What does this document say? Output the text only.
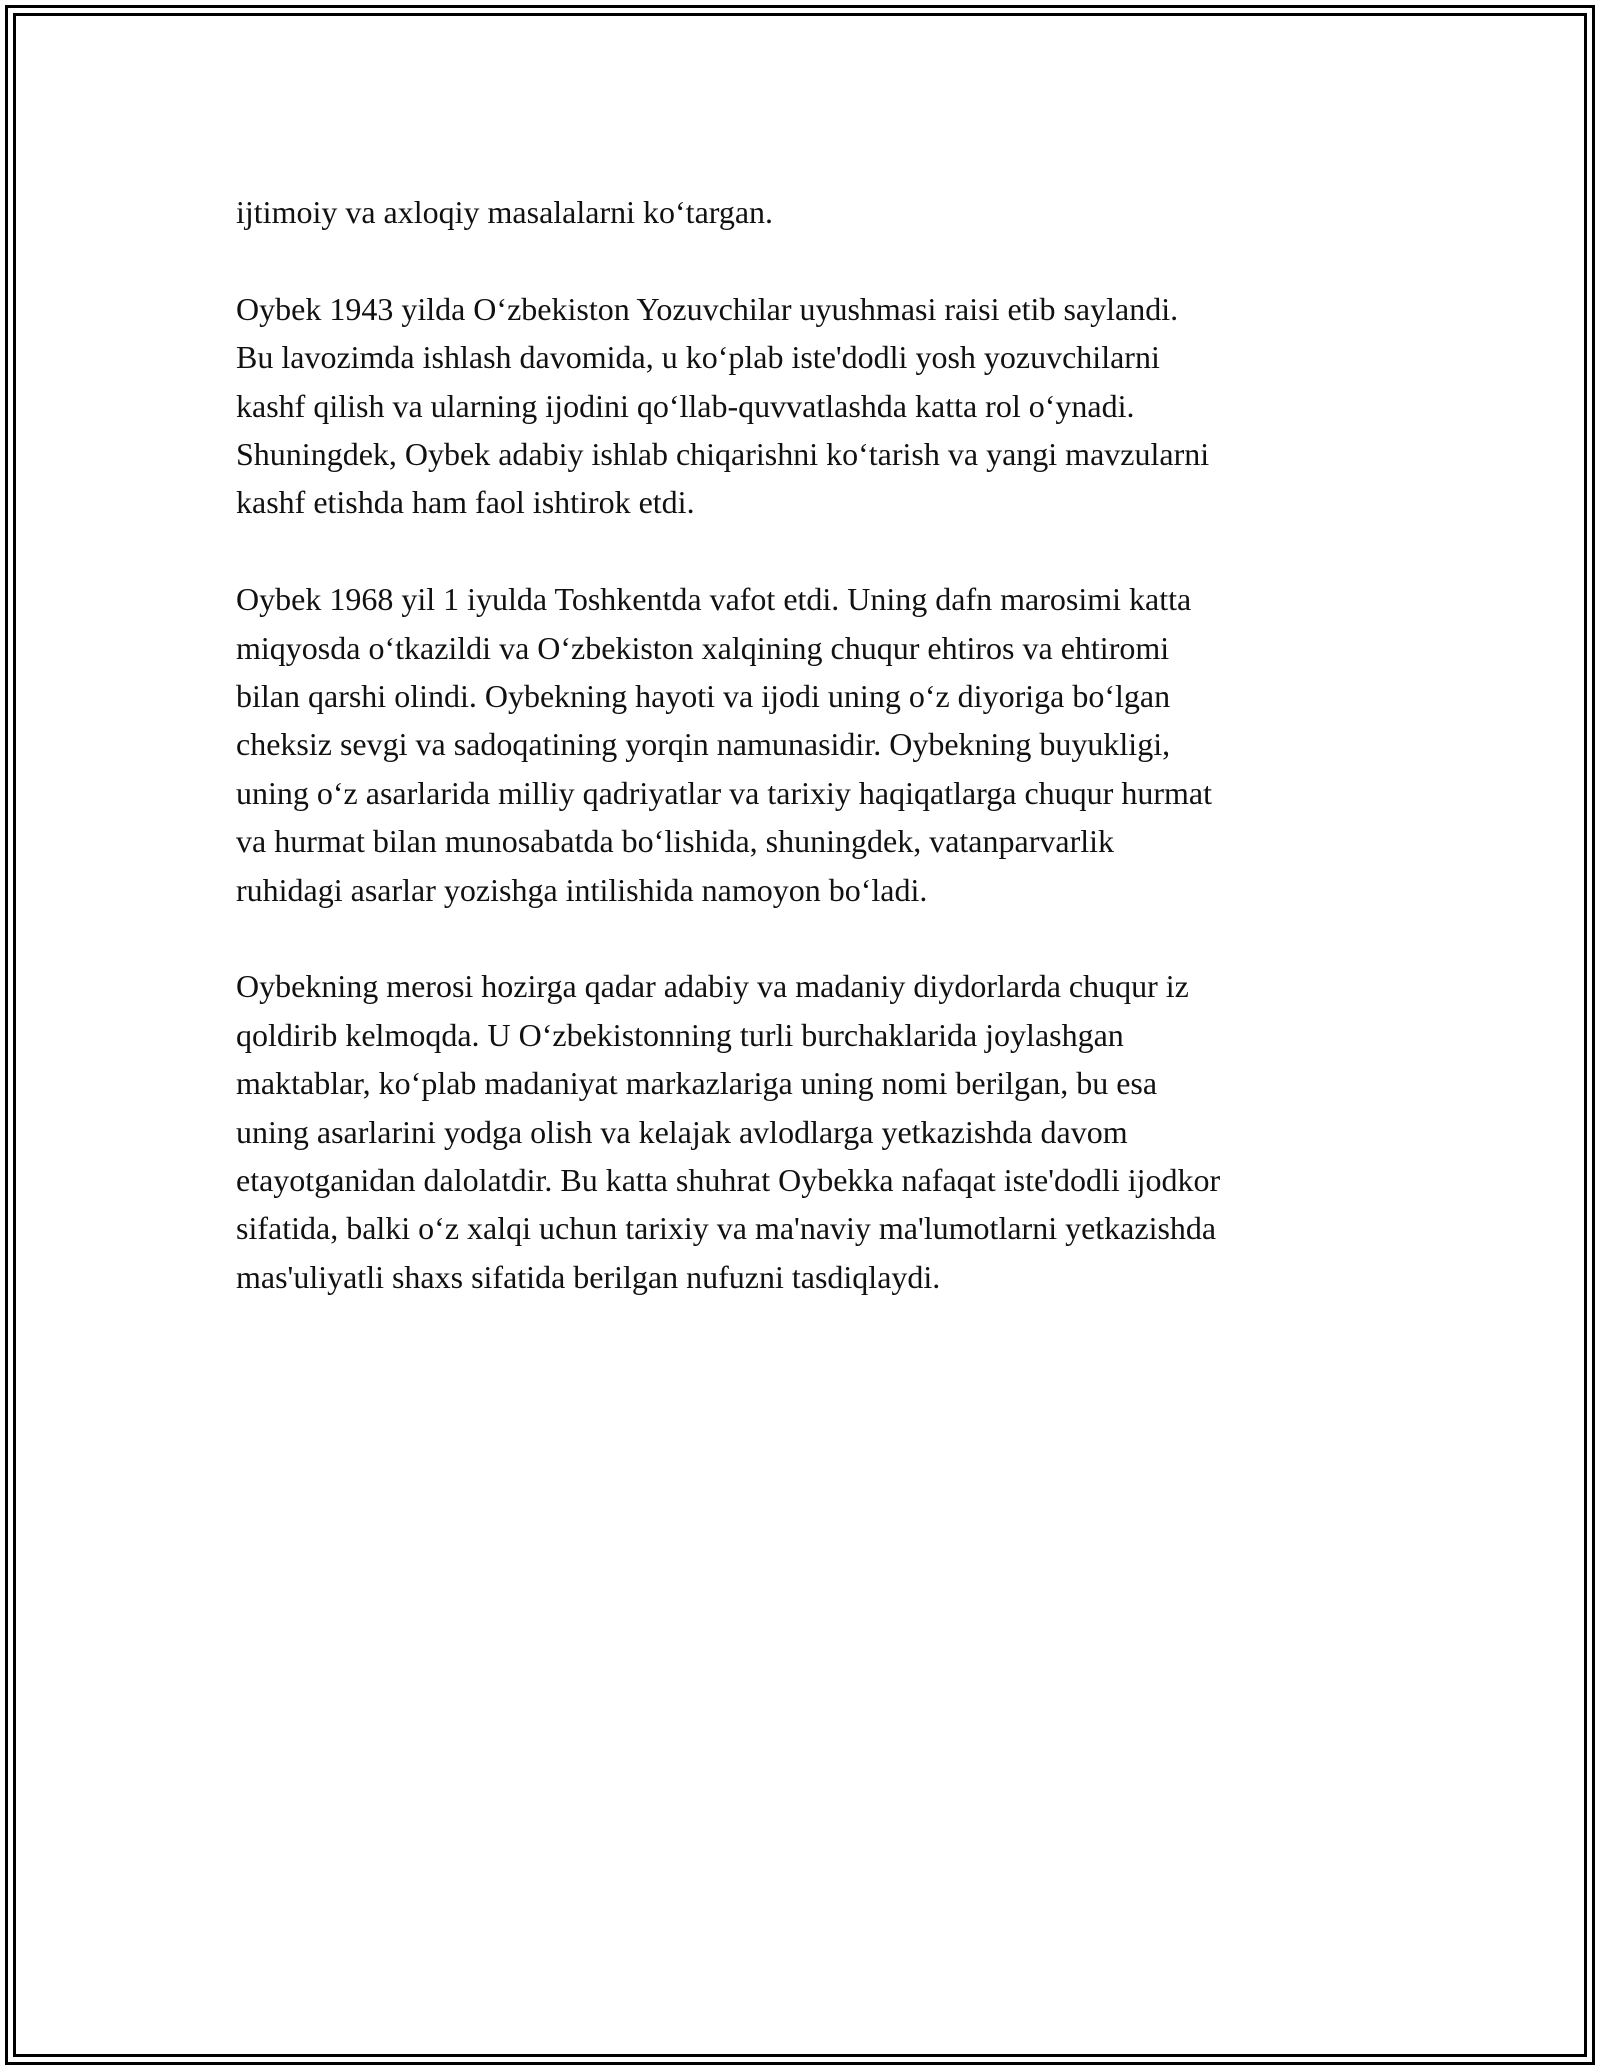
ijtimoiy va axloqiy masalalarni koʻtargan.

Oybek 1943 yilda Oʻzbekiston Yozuvchilar uyushmasi raisi etib saylandi.
Bu lavozimda ishlash davomida, u koʻplab iste'dodli yosh yozuvchilarni
kashf qilish va ularning ijodini qoʻllab-quvvatlashda katta rol oʻynadi.
Shuningdek, Oybek adabiy ishlab chiqarishni koʻtarish va yangi mavzularni
kashf etishda ham faol ishtirok etdi.

Oybek 1968 yil 1 iyulda Toshkentda vafot etdi. Uning dafn marosimi katta
miqyosda oʻtkazildi va Oʻzbekiston xalqining chuqur ehtiros va ehtiromi
bilan qarshi olindi. Oybekning hayoti va ijodi uning oʻz diyoriga boʻlgan
cheksiz sevgi va sadoqatining yorqin namunasidir. Oybekning buyukligi,
uning oʻz asarlarida milliy qadriyatlar va tarixiy haqiqatlarga chuqur hurmat
va hurmat bilan munosabatda boʻlishida, shuningdek, vatanparvarlik
ruhidagi asarlar yozishga intilishida namoyon boʻladi.

Oybekning merosi hozirga qadar adabiy va madaniy diydorlarda chuqur iz
qoldirib kelmoqda. U Oʻzbekistonning turli burchaklarida joylashgan
maktablar, koʻplab madaniyat markazlariga uning nomi berilgan, bu esa
uning asarlarini yodga olish va kelajak avlodlarga yetkazishda davom
etayotganidan dalolatdir. Bu katta shuhrat Oybekka nafaqat iste'dodli ijodkor
sifatida, balki oʻz xalqi uchun tarixiy va ma'naviy ma'lumotlarni yetkazishda
mas'uliyatli shaxs sifatida berilgan nufuzni tasdiqlaydi.
